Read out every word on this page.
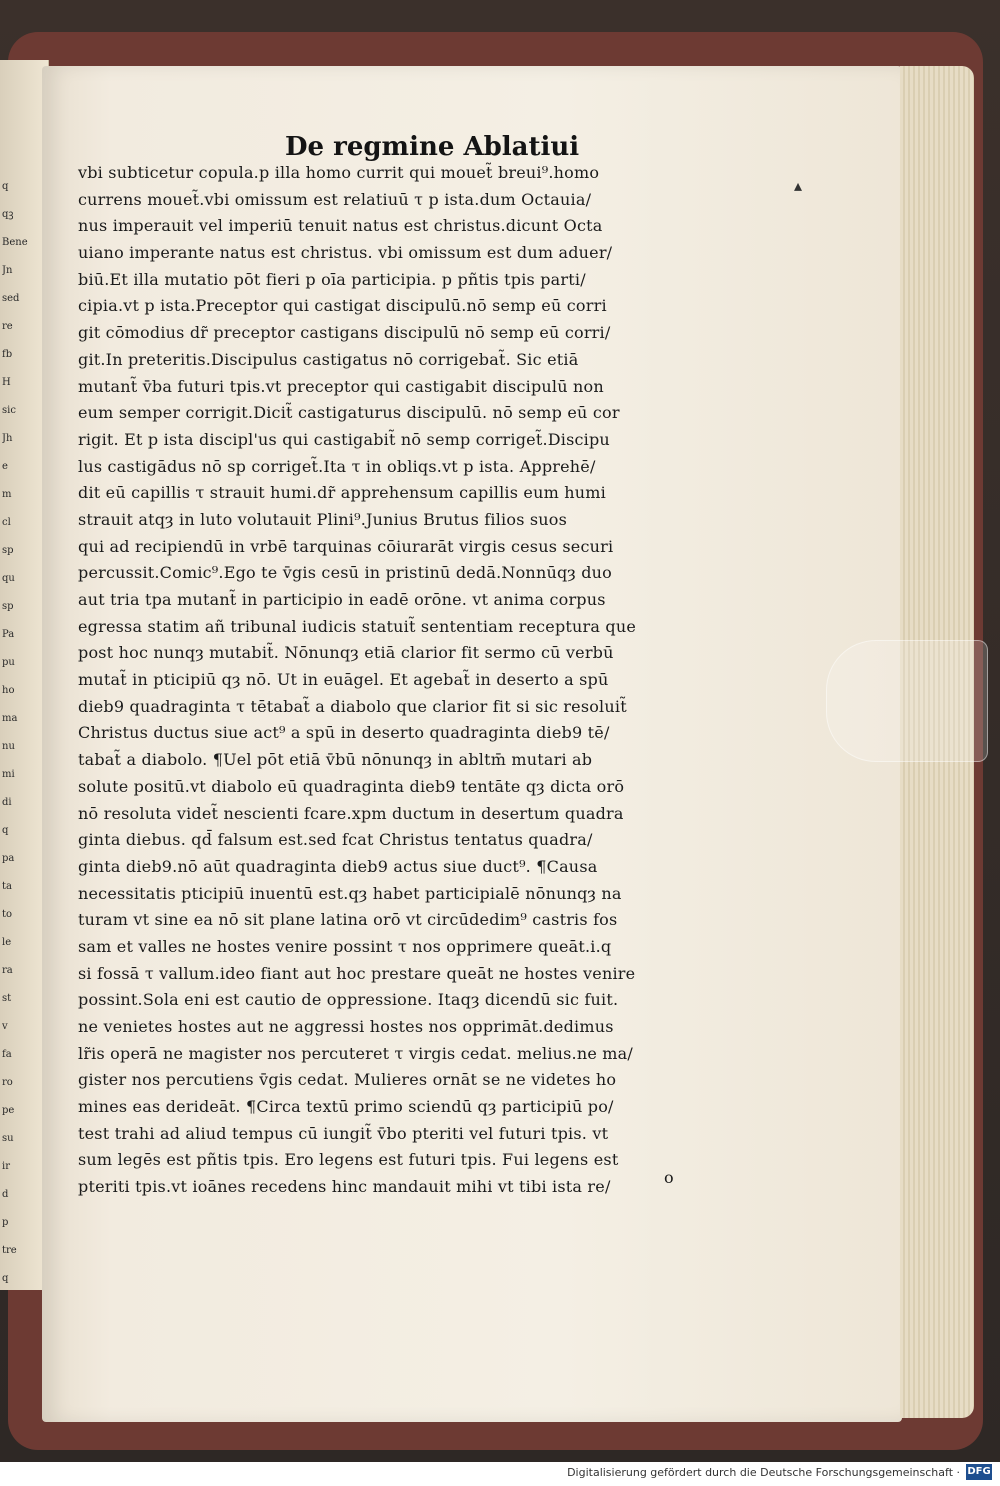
q
qꝫ
Bene
Jn
sed
re
fb
H
sic
Jh
e
m
cl
sp
qu
sp
Pa
pu
ho
ma
nu
mi
di
q
pa
ta
to
le
ra
st
v
fa
ro
pe
su
ir
d
p
tre
q
De regmine Ablatiui
▴
vbi subticetur copula.p illa homo currit qui mouet̃ breui⁹.homo
currens mouet̃.vbi omissum est relatiuū τ p ista.dum Octauia/
nus imperauit vel imperiū tenuit natus est christus.dicunt Octa
uiano imperante natus est christus. vbi omissum est dum aduer/
biū.Et illa mutatio pōt fieri p oīa participia. p pñtis tpis parti/
cipia.vt p ista.Preceptor qui castigat discipulū.nō semp eū corri
git cōmodius dr̃ preceptor castigans discipulū nō semp eū corri/
git.In preteritis.Discipulus castigatus nō corrigebat̃. Sic etiā
mutant̃ v̄ba futuri tpis.vt preceptor qui castigabit discipulū non
eum semper corrigit.Dicit̃ castigaturus discipulū. nō semp eū cor
rigit. Et p ista discipl'us qui castigabit̃ nō semp corriget̃.Discipu
lus castigādus nō sp corriget̃.Ita τ in obliqs.vt p ista. Apprehē/
dit eū capillis τ strauit humi.dr̃ apprehensum capillis eum humi
strauit atqȝ in luto volutauit Plini⁹.Junius Brutus filios suos
qui ad recipiendū in vrbē tarquinas cōiurarāt virgis cesus securi
percussit.Comic⁹.Ego te v̄gis cesū in pristinū dedā.Nonnūqȝ duo
aut tria tpa mutant̃ in participio in eadē orōne. vt anima corpus
egressa statim añ tribunal iudicis statuit̃ sententiam receptura que
post hoc nunqȝ mutabit̃. Nōnunqȝ etiā clarior fit sermo cū verbū
mutat̃ in pticipiū qȝ nō. Ut in euāgel. Et agebat̃ in deserto a spū
dieb9 quadraginta τ tētabat̃ a diabolo que clarior fit si sic resoluit̃
Christus ductus siue act⁹ a spū in deserto quadraginta dieb9 tē/
tabat̃ a diabolo. ¶Uel pōt etiā v̄bū nōnunqȝ in abltm̄ mutari ab
solute positū.vt diabolo eū quadraginta dieb9 tentāte qȝ dicta orō
nō resoluta videt̃ nescienti fcare.xpm ductum in desertum quadra
ginta diebus. qd̄ falsum est.sed fcat Christus tentatus quadra/
ginta dieb9.nō aūt quadraginta dieb9 actus siue duct⁹. ¶Causa
necessitatis pticipiū inuentū est.qȝ habet participialē nōnunqȝ na
turam vt sine ea nō sit plane latina orō vt circūdedim⁹ castris fos
sam et valles ne hostes venire possint τ nos opprimere queāt.i.q
si fossā τ vallum.ideo fiant aut hoc prestare queāt ne hostes venire
possint.Sola eni est cautio de oppressione. Itaqȝ dicendū sic fuit.
ne venietes hostes aut ne aggressi hostes nos opprimāt.dedimus
lr̃is operā ne magister nos percuteret τ virgis cedat. melius.ne ma/
gister nos percutiens v̄gis cedat. Mulieres ornāt se ne videtes ho
mines eas derideāt. ¶Circa textū primo sciendū qȝ participiū po/
test trahi ad aliud tempus cū iungit̃ v̄bo pteriti vel futuri tpis. vt
sum legēs est pñtis tpis. Ero legens est futuri tpis. Fui legens est
pteriti tpis.vt ioānes recedens hinc mandauit mihi vt tibi ista re/	o
Digitalisierung gefördert durch die Deutsche Forschungsgemeinschaft · DFG
